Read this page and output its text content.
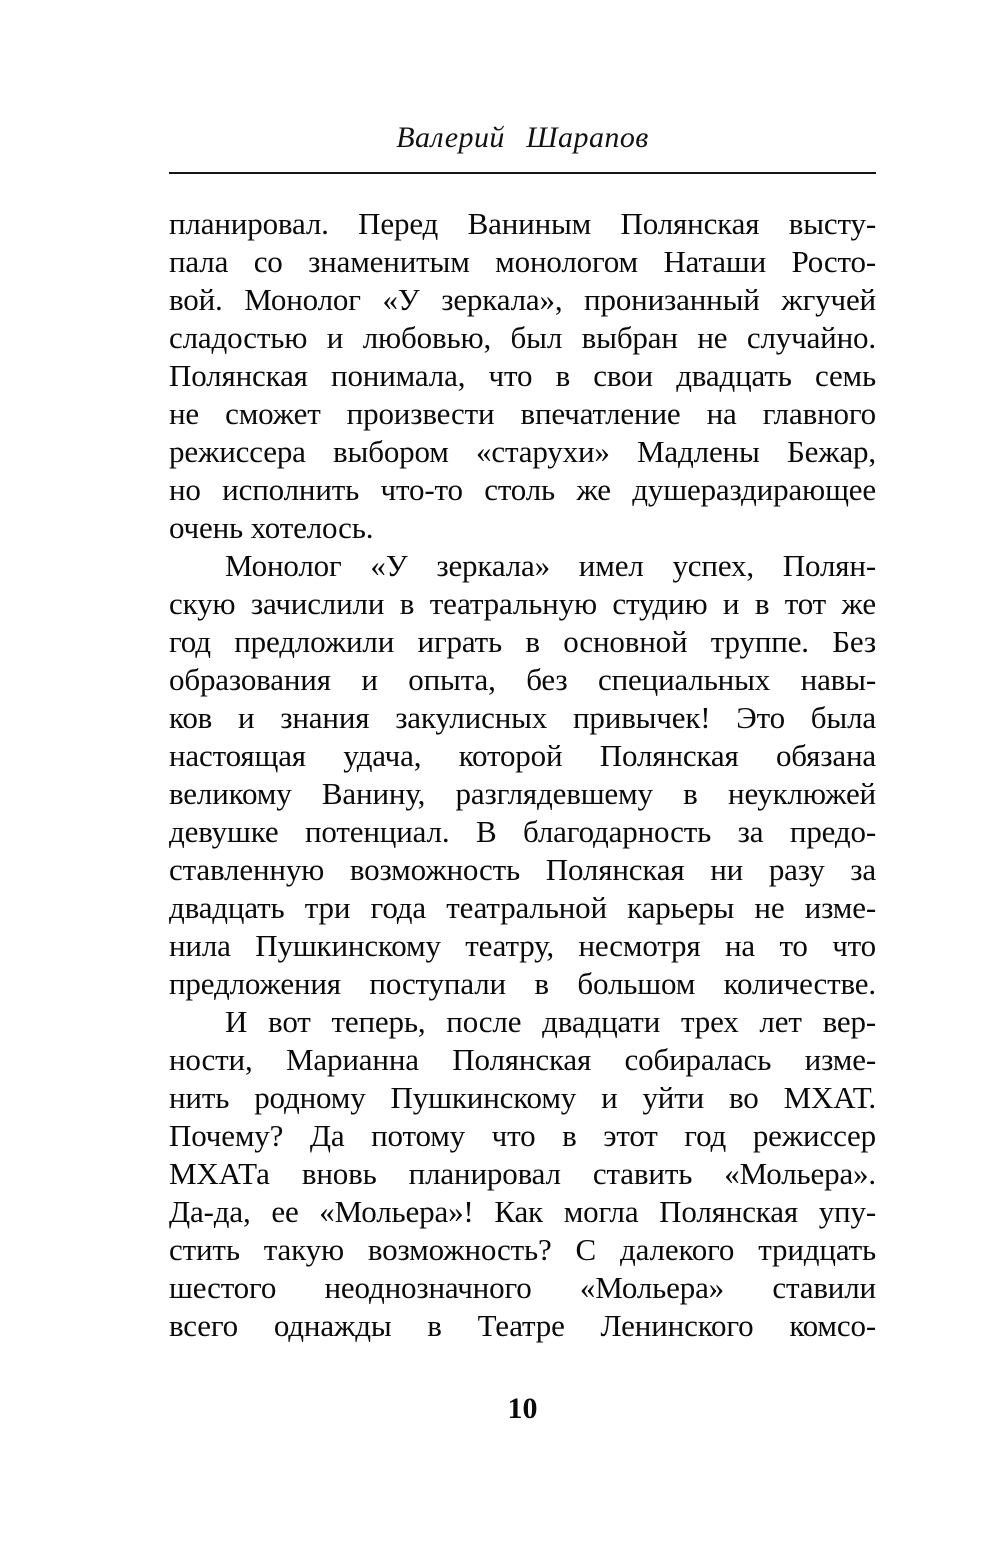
Валерий Шарапов
планировал. Перед Ваниным Полянская высту-
пала со знаменитым монологом Наташи Росто-
вой. Монолог «У зеркала», пронизанный жгучей
сладостью и любовью, был выбран не случайно.
Полянская понимала, что в свои двадцать семь
не сможет произвести впечатление на главного
режиссера выбором «старухи» Мадлены Бежар,
но исполнить что-то столь же душераздирающее
очень хотелось.
Монолог «У зеркала» имел успех, Полян-
скую зачислили в театральную студию и в тот же
год предложили играть в основной труппе. Без
образования и опыта, без специальных навы-
ков и знания закулисных привычек! Это была
настоящая удача, которой Полянская обязана
великому Ванину, разглядевшему в неуклюжей
девушке потенциал. В благодарность за предо-
ставленную возможность Полянская ни разу за
двадцать три года театральной карьеры не изме-
нила Пушкинскому театру, несмотря на то что
предложения поступали в большом количестве.
И вот теперь, после двадцати трех лет вер-
ности, Марианна Полянская собиралась изме-
нить родному Пушкинскому и уйти во МХАТ.
Почему? Да потому что в этот год режиссер
МХАТа вновь планировал ставить «Мольера».
Да-да, ее «Мольера»! Как могла Полянская упу-
стить такую возможность? С далекого тридцать
шестого неоднозначного «Мольера» ставили
всего однажды в Театре Ленинского комсо-
10
